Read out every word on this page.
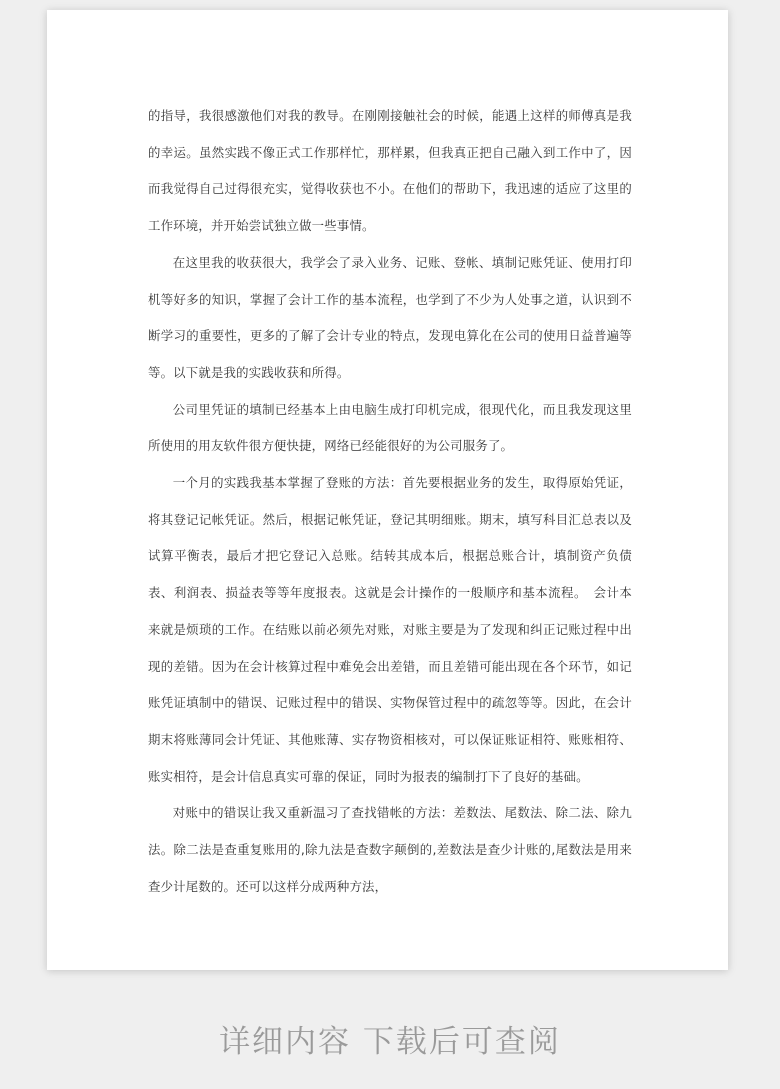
的指导，我很感激他们对我的教导。在刚刚接触社会的时候，能遇上这样的师傅真是我的幸运。虽然实践不像正式工作那样忙，那样累，但我真正把自己融入到工作中了，因而我觉得自己过得很充实，觉得收获也不小。在他们的帮助下，我迅速的适应了这里的工作环境，并开始尝试独立做一些事情。

在这里我的收获很大，我学会了录入业务、记账、登帐、填制记账凭证、使用打印机等好多的知识，掌握了会计工作的基本流程，也学到了不少为人处事之道，认识到不断学习的重要性，更多的了解了会计专业的特点，发现电算化在公司的使用日益普遍等等。以下就是我的实践收获和所得。

公司里凭证的填制已经基本上由电脑生成打印机完成，很现代化，而且我发现这里所使用的用友软件很方便快捷，网络已经能很好的为公司服务了。

一个月的实践我基本掌握了登账的方法：首先要根据业务的发生，取得原始凭证，将其登记记帐凭证。然后，根据记帐凭证，登记其明细账。期末，填写科目汇总表以及试算平衡表，最后才把它登记入总账。结转其成本后，根据总账合计，填制资产负债表、利润表、损益表等等年度报表。这就是会计操作的一般顺序和基本流程。　会计本来就是烦琐的工作。在结账以前必须先对账，对账主要是为了发现和纠正记账过程中出现的差错。因为在会计核算过程中难免会出差错，而且差错可能出现在各个环节，如记账凭证填制中的错误、记账过程中的错误、实物保管过程中的疏忽等等。因此，在会计期末将账薄同会计凭证、其他账薄、实存物资相核对，可以保证账证相符、账账相符、账实相符，是会计信息真实可靠的保证，同时为报表的编制打下了良好的基础。

对账中的错误让我又重新温习了查找错帐的方法：差数法、尾数法、除二法、除九法。除二法是查重复账用的,除九法是查数字颠倒的,差数法是查少计账的,尾数法是用来查少计尾数的。还可以这样分成两种方法，

详细内容 下载后可查阅
